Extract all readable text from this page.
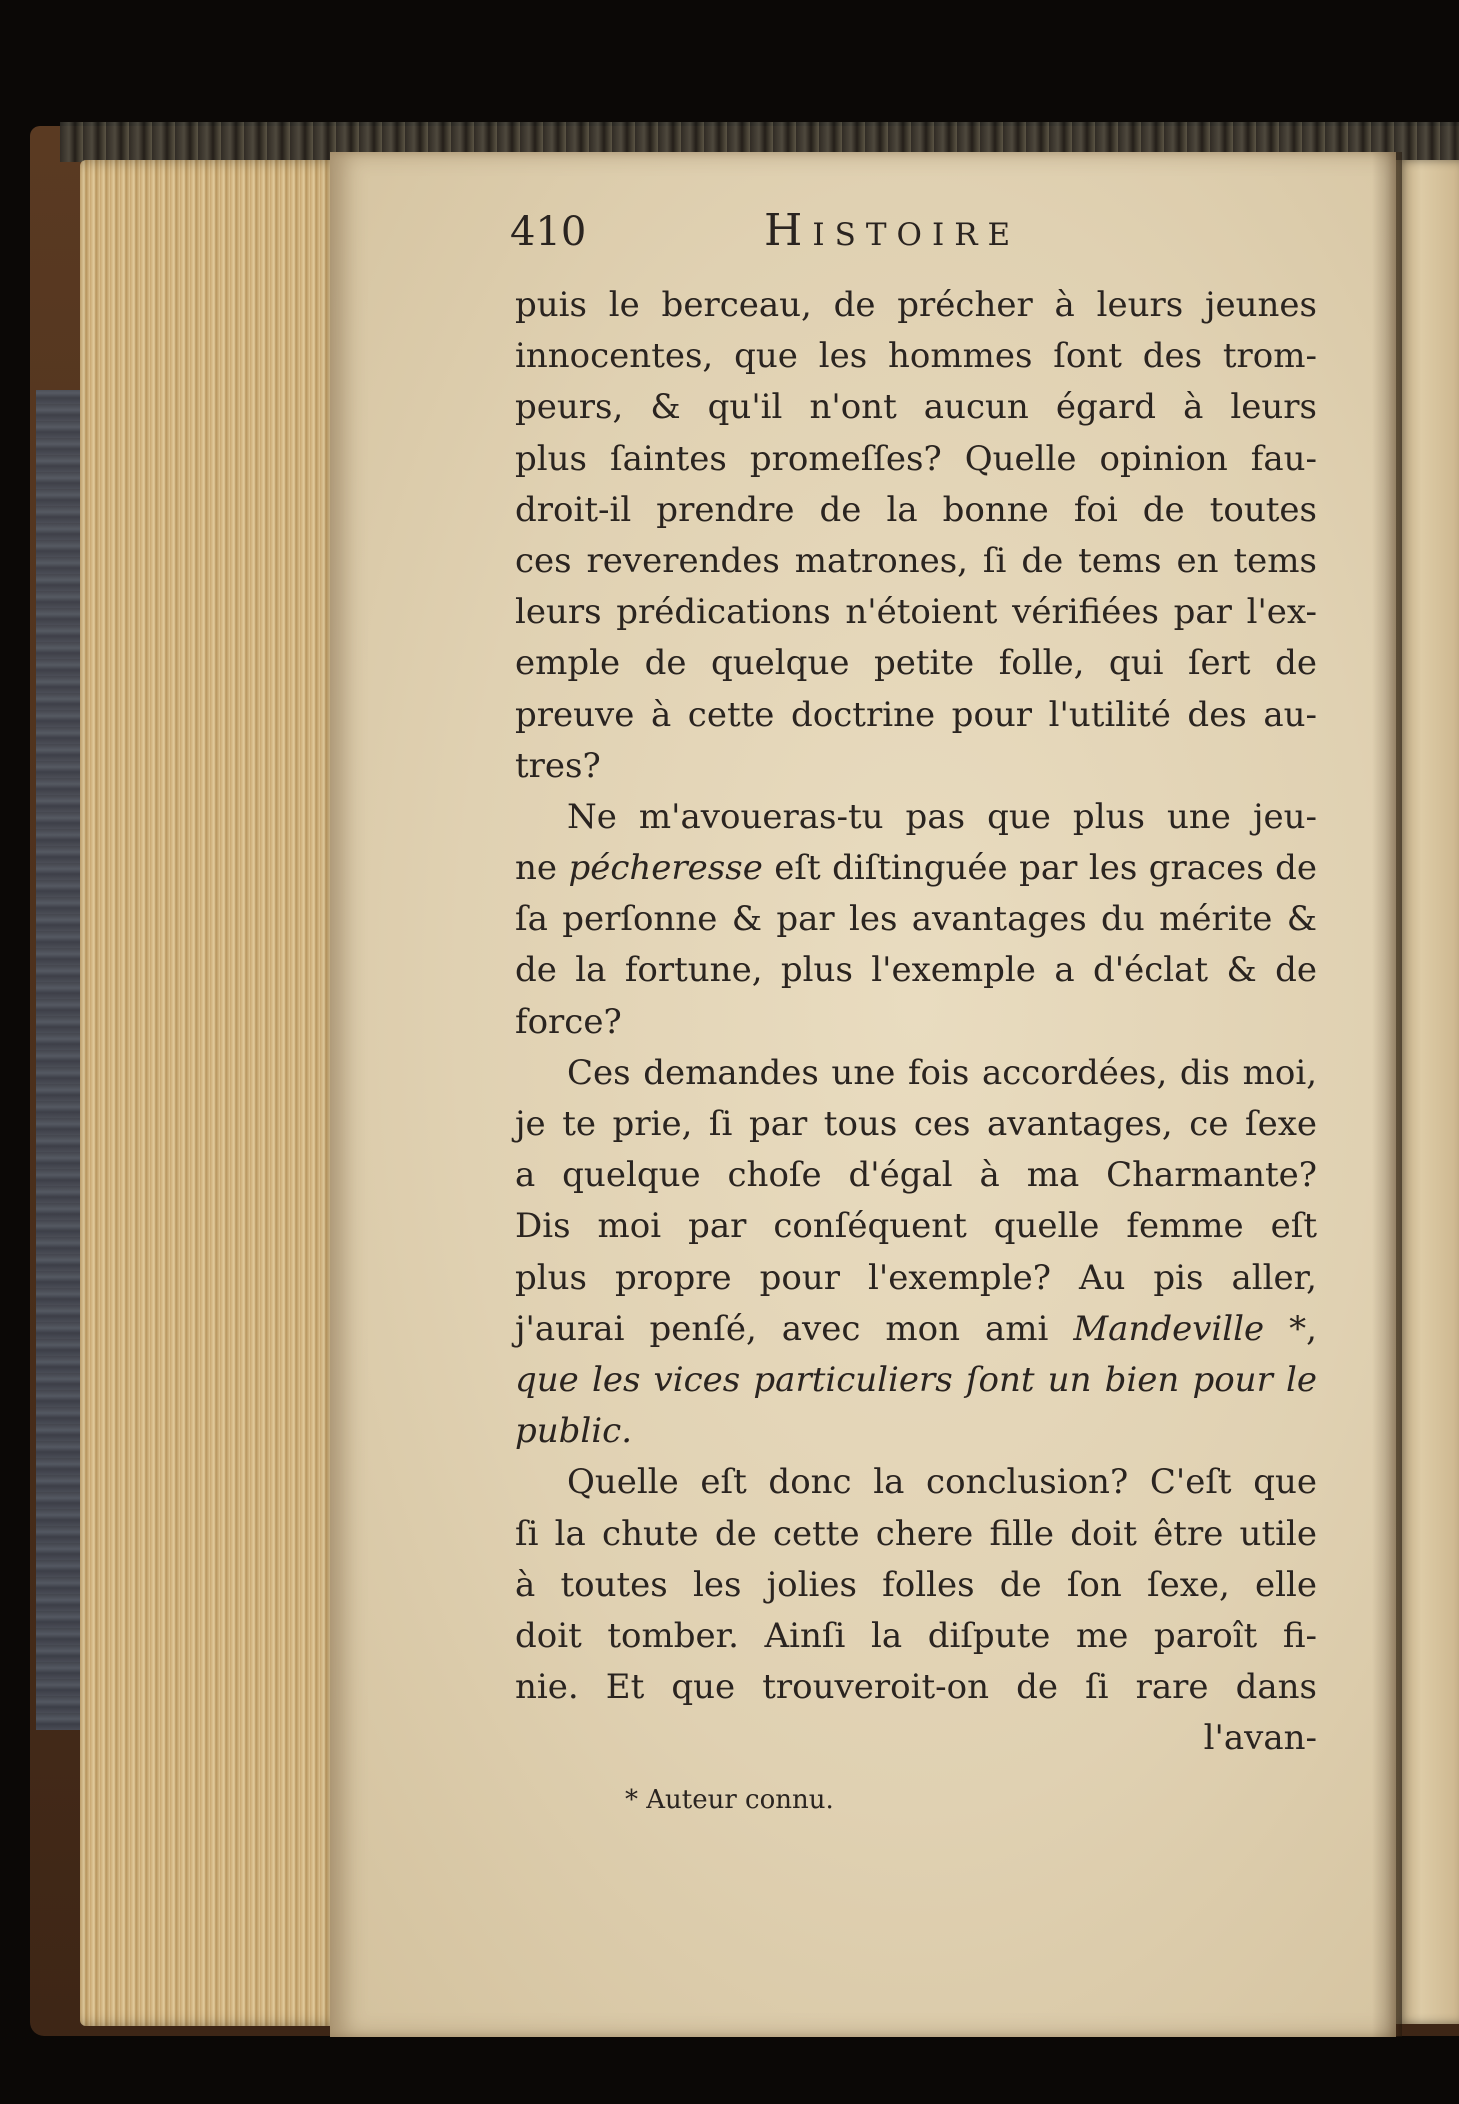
410	Histoire
puis le berceau, de précher à leurs jeunes
innocentes, que les hommes ſont des trom-
peurs, & qu'il n'ont aucun égard à leurs
plus ſaintes promeſſes? Quelle opinion fau-
droit-il prendre de la bonne foi de toutes
ces reverendes matrones, ſi de tems en tems
leurs prédications n'étoient vérifiées par l'ex-
emple de quelque petite folle, qui ſert de
preuve à cette doctrine pour l'utilité des au-
tres?
Ne m'avoueras-tu pas que plus une jeu-
ne pécheresse eſt diſtinguée par les graces de
ſa perſonne & par les avantages du mérite &
de la fortune, plus l'exemple a d'éclat & de
force?
Ces demandes une fois accordées, dis moi,
je te prie, ſi par tous ces avantages, ce ſexe
a quelque choſe d'égal à ma Charmante?
Dis moi par conſéquent quelle femme eſt
plus propre pour l'exemple? Au pis aller,
j'aurai penſé, avec mon ami Mandeville *,
que les vices particuliers ſont un bien pour le
public.
Quelle eſt donc la conclusion? C'eſt que
ſi la chute de cette chere fille doit être utile
à toutes les jolies folles de ſon ſexe, elle
doit tomber. Ainſi la diſpute me paroît fi-
nie. Et que trouveroit-on de ſi rare dans
l'avan-
* Auteur connu.
